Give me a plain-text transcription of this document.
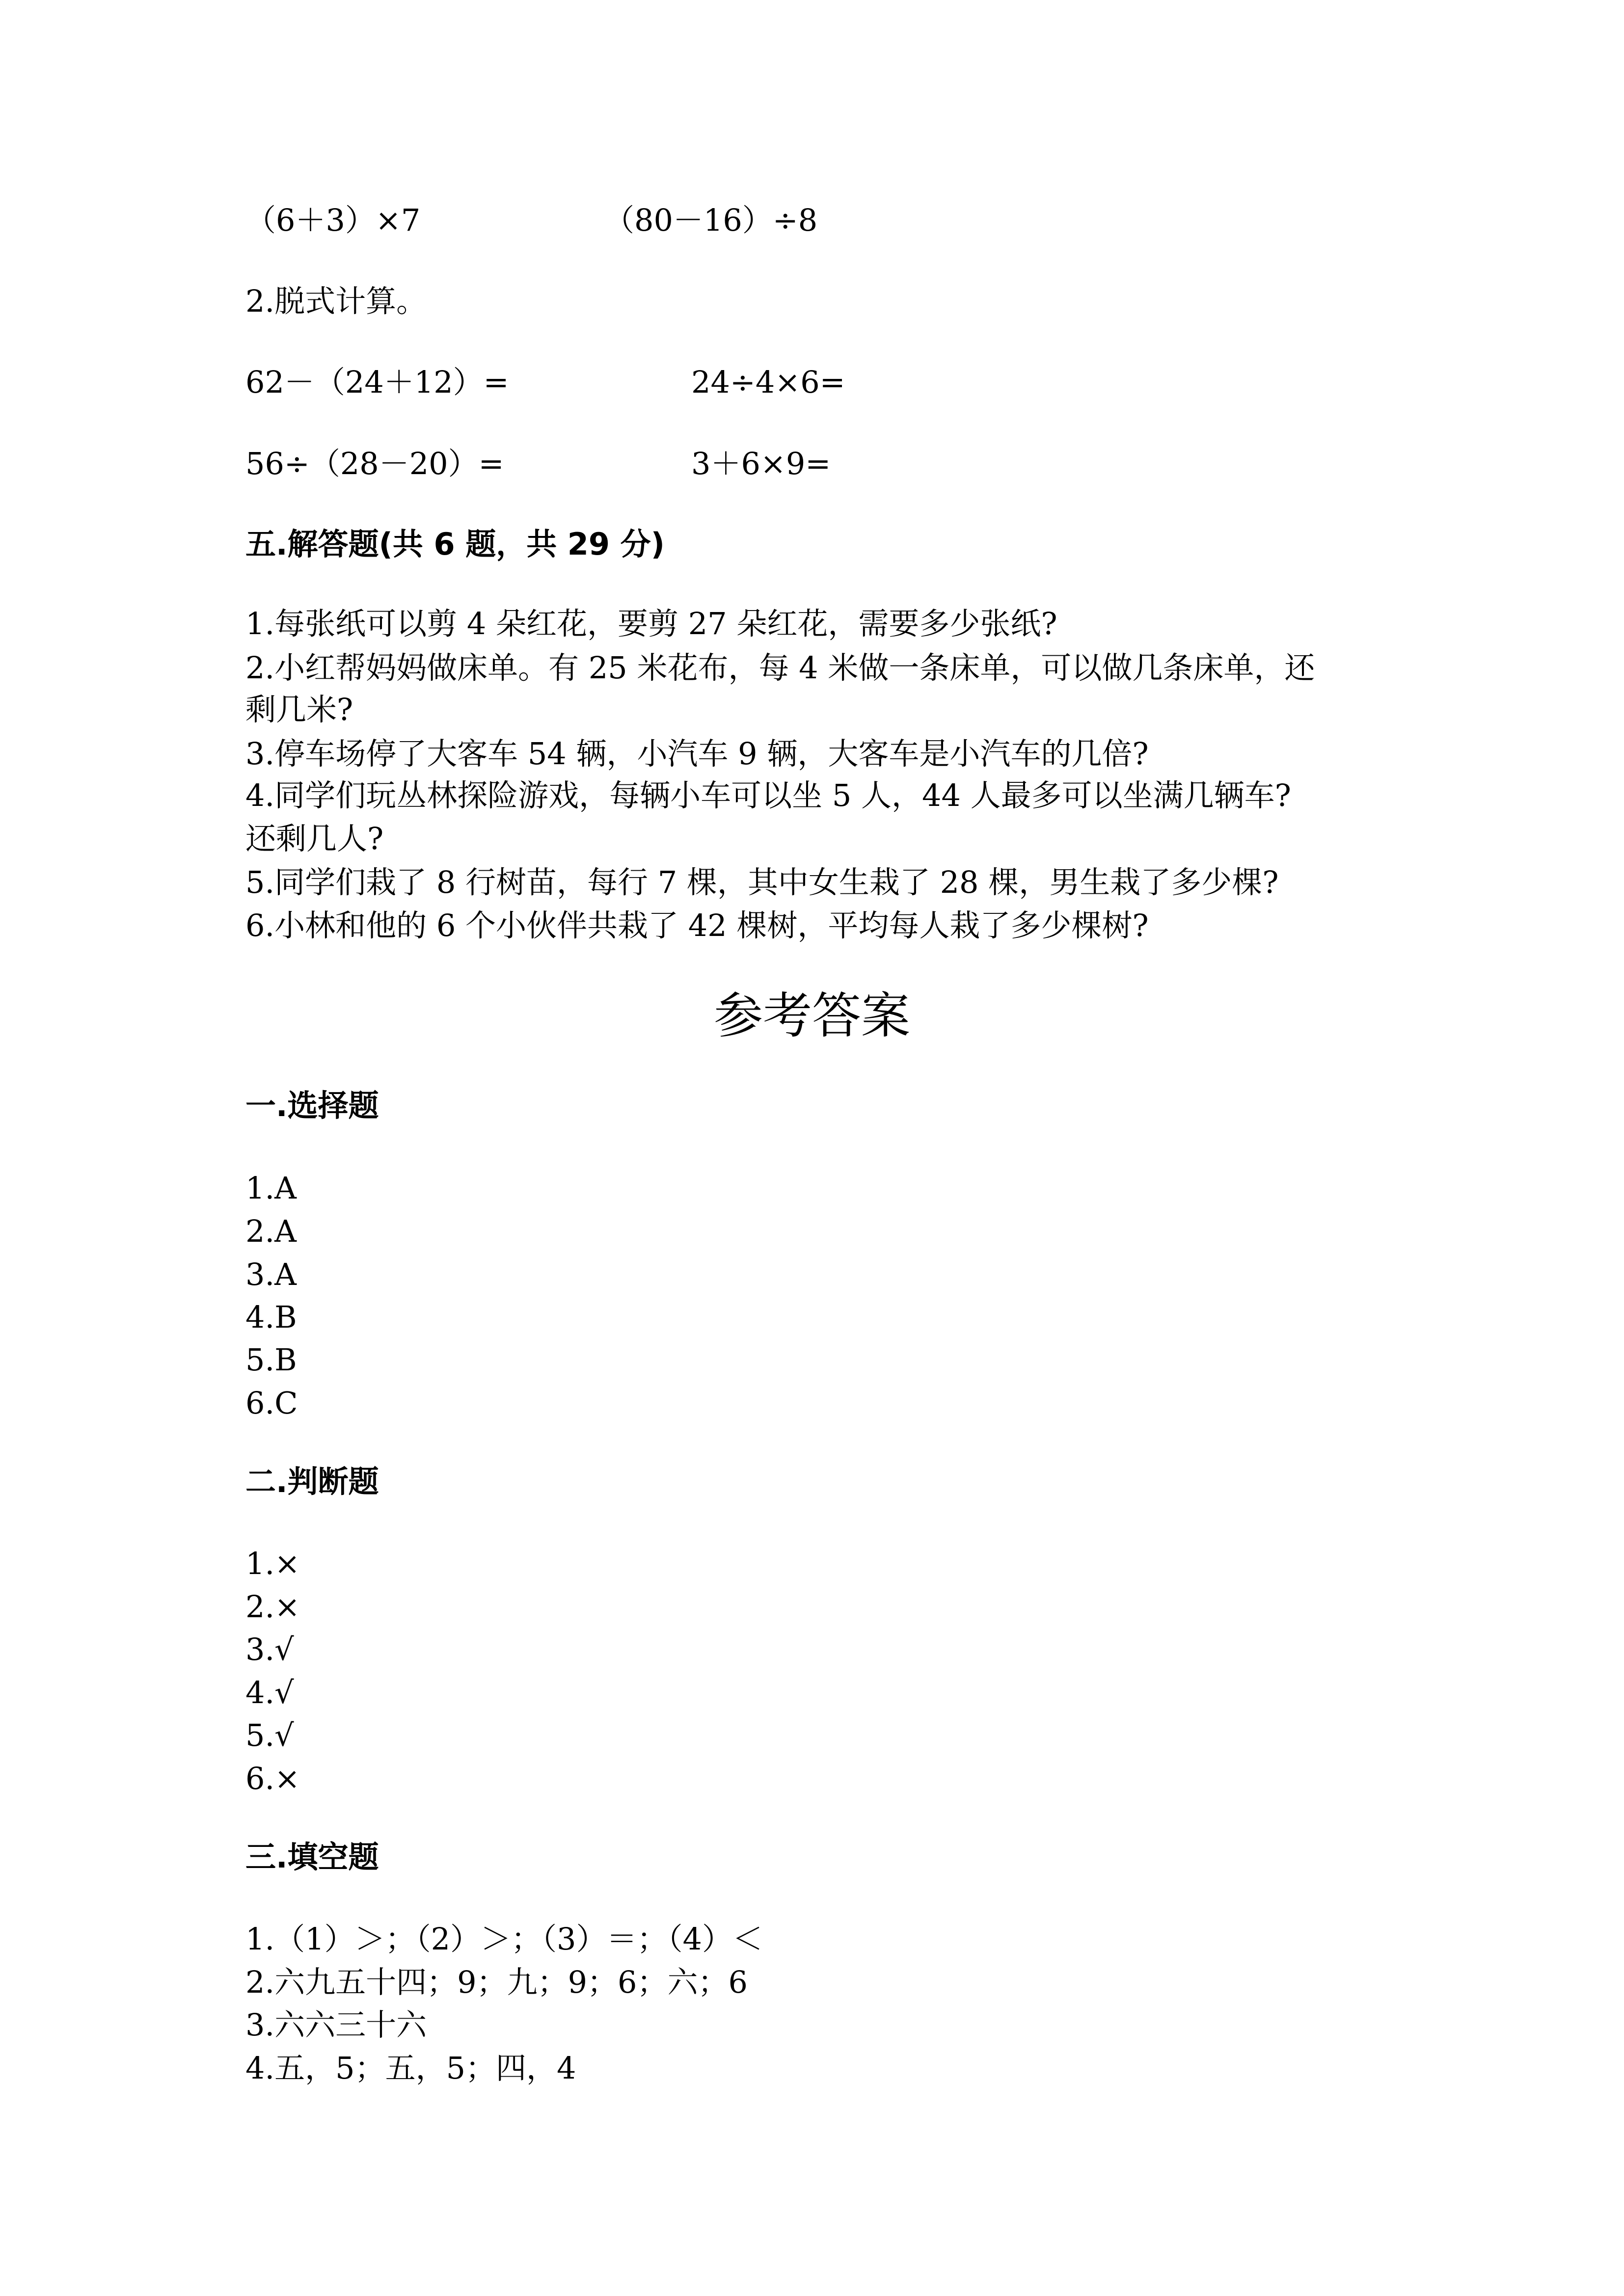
（6＋3）×7	（80－16）÷8
2.脱式计算。
62－（24＋12）=	24÷4×6=
56÷（28－20）=	3＋6×9=
五.解答题(共 6 题，共 29 分)
1.每张纸可以剪 4 朵红花，要剪 27 朵红花，需要多少张纸?
2.小红帮妈妈做床单。有 25 米花布，每 4 米做一条床单，可以做几条床单，还
剩几米?
3.停车场停了大客车 54 辆，小汽车 9 辆，大客车是小汽车的几倍?
4.同学们玩丛林探险游戏，每辆小车可以坐 5 人，44 人最多可以坐满几辆车?
还剩几人?
5.同学们栽了 8 行树苗，每行 7 棵，其中女生栽了 28 棵，男生栽了多少棵?
6.小林和他的 6 个小伙伴共栽了 42 棵树，平均每人栽了多少棵树?
参考答案
一.选择题
1.A
2.A
3.A
4.B
5.B
6.C
二.判断题
1.×
2.×
3.√
4.√
5.√
6.×
三.填空题
1.（1）＞；（2）＞；（3）＝；（4）＜
2.六九五十四；9；九；9；6；六；6
3.六六三十六
4.五，5；五，5；四，4
